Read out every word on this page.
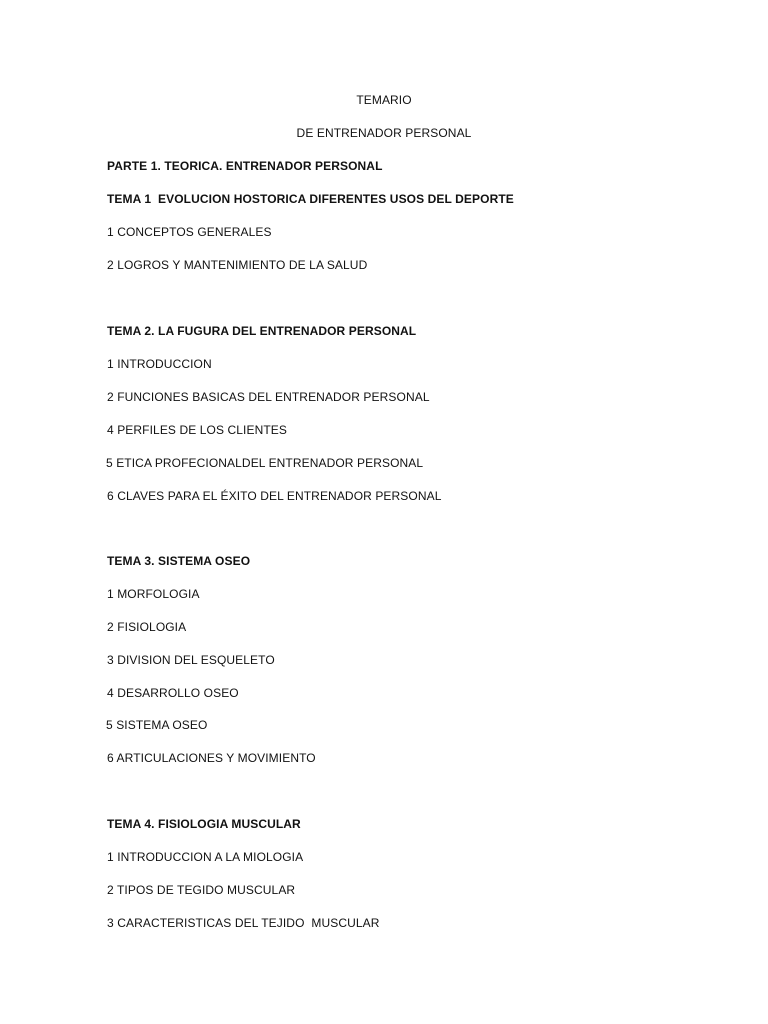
TEMARIO
DE ENTRENADOR PERSONAL
PARTE 1. TEORICA. ENTRENADOR PERSONAL
TEMA 1  EVOLUCION HOSTORICA DIFERENTES USOS DEL DEPORTE
1 CONCEPTOS GENERALES
2 LOGROS Y MANTENIMIENTO DE LA SALUD
TEMA 2. LA FUGURA DEL ENTRENADOR PERSONAL
1 INTRODUCCION
2 FUNCIONES BASICAS DEL ENTRENADOR PERSONAL
4 PERFILES DE LOS CLIENTES
5 ETICA PROFECIONALDEL ENTRENADOR PERSONAL
6 CLAVES PARA EL ÉXITO DEL ENTRENADOR PERSONAL
TEMA 3. SISTEMA OSEO
1 MORFOLOGIA
2 FISIOLOGIA
3 DIVISION DEL ESQUELETO
4 DESARROLLO OSEO
5 SISTEMA OSEO
6 ARTICULACIONES Y MOVIMIENTO
TEMA 4. FISIOLOGIA MUSCULAR
1 INTRODUCCION A LA MIOLOGIA
2 TIPOS DE TEGIDO MUSCULAR
3 CARACTERISTICAS DEL TEJIDO  MUSCULAR
